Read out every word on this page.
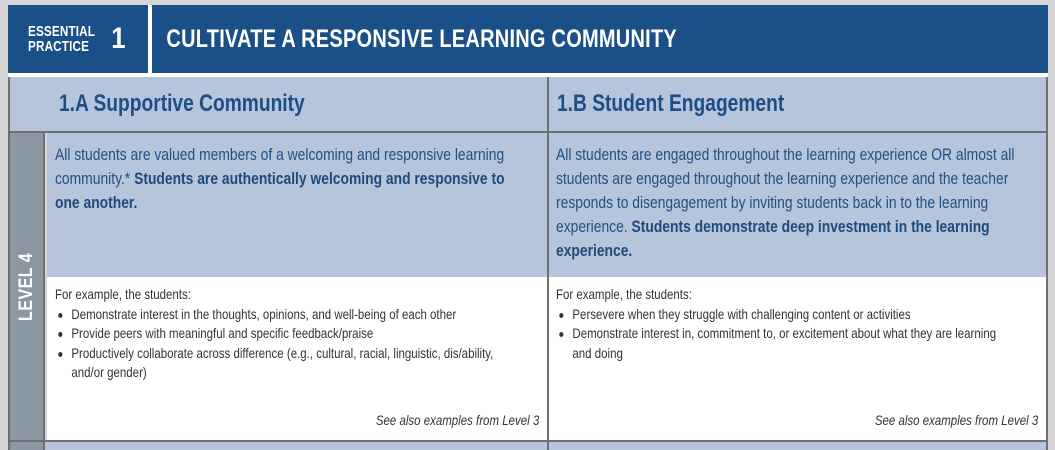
ESSENTIAL
PRACTICE 1	CULTIVATE A RESPONSIVE LEARNING COMMUNITY
1.A Supportive Community	1.B Student Engagement
LEVEL 4
All students are valued members of a welcoming and responsive learning community.* Students are authentically welcoming and responsive to one another.
For example, the students:
Demonstrate interest in the thoughts, opinions, and well-being of each other
Provide peers with meaningful and specific feedback/praise
Productively collaborate across difference (e.g., cultural, racial, linguistic, dis/ability, and/or gender)
See also examples from Level 3
All students are engaged throughout the learning experience OR almost all students are engaged throughout the learning experience and the teacher responds to disengagement by inviting students back in to the learning experience. Students demonstrate deep investment in the learning experience.
For example, the students:
Persevere when they struggle with challenging content or activities
Demonstrate interest in, commitment to, or excitement about what they are learning and doing
See also examples from Level 3
